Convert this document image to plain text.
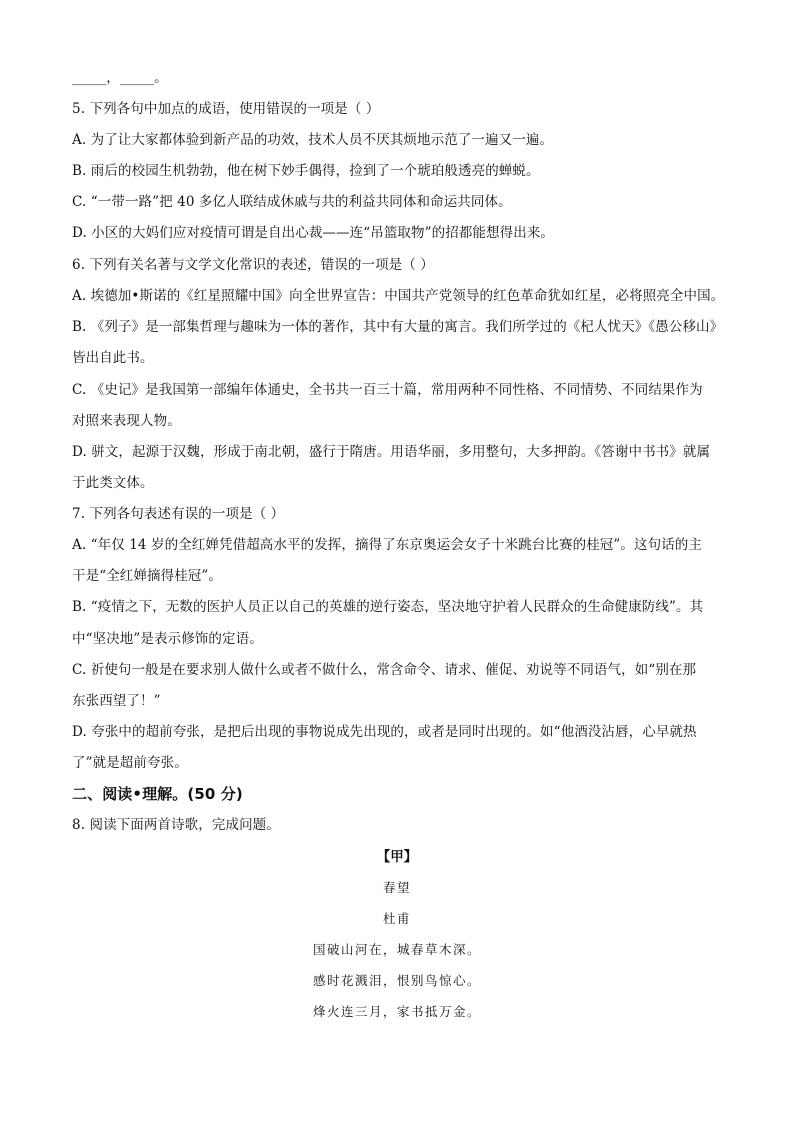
_____，_____。
5. 下列各句中加点的成语，使用错误的一项是（ ）
A. 为了让大家都体验到新产品的功效，技术人员不厌其烦地示范了一遍又一遍。
B. 雨后的校园生机勃勃，他在树下妙手偶得，捡到了一个琥珀般透亮的蝉蜕。
C. “一带一路”把 40 多亿人联结成休戚与共的利益共同体和命运共同体。
D. 小区的大妈们应对疫情可谓是自出心裁——连“吊篮取物”的招都能想得出来。
6. 下列有关名著与文学文化常识的表述，错误的一项是（ ）
A. 埃德加•斯诺的《红星照耀中国》向全世界宣告：中国共产党领导的红色革命犹如红星，必将照亮全中国。
B. 《列子》是一部集哲理与趣味为一体的著作，其中有大量的寓言。我们所学过的《杞人忧天》《愚公移山》
皆出自此书。
C. 《史记》是我国第一部编年体通史，全书共一百三十篇，常用两种不同性格、不同情势、不同结果作为
对照来表现人物。
D. 骈文，起源于汉魏，形成于南北朝，盛行于隋唐。用语华丽，多用整句，大多押韵。《答谢中书书》就属
于此类文体。
7. 下列各句表述有误的一项是（ ）
A. “年仅 14 岁的全红婵凭借超高水平的发挥，摘得了东京奥运会女子十米跳台比赛的桂冠”。这句话的主
干是“全红婵摘得桂冠”。
B. “疫情之下，无数的医护人员正以自己的英雄的逆行姿态，坚决地守护着人民群众的生命健康防线”。其
中“坚决地”是表示修饰的定语。
C. 祈使句一般是在要求别人做什么或者不做什么，常含命令、请求、催促、劝说等不同语气，如“别在那
东张西望了！”
D. 夸张中的超前夸张，是把后出现的事物说成先出现的，或者是同时出现的。如“他酒没沾唇，心早就热
了”就是超前夸张。
二、阅读•理解。(50 分)
8. 阅读下面两首诗歌，完成问题。
【甲】
春望
杜甫
国破山河在，城春草木深。
感时花溅泪，恨别鸟惊心。
烽火连三月，家书抵万金。
